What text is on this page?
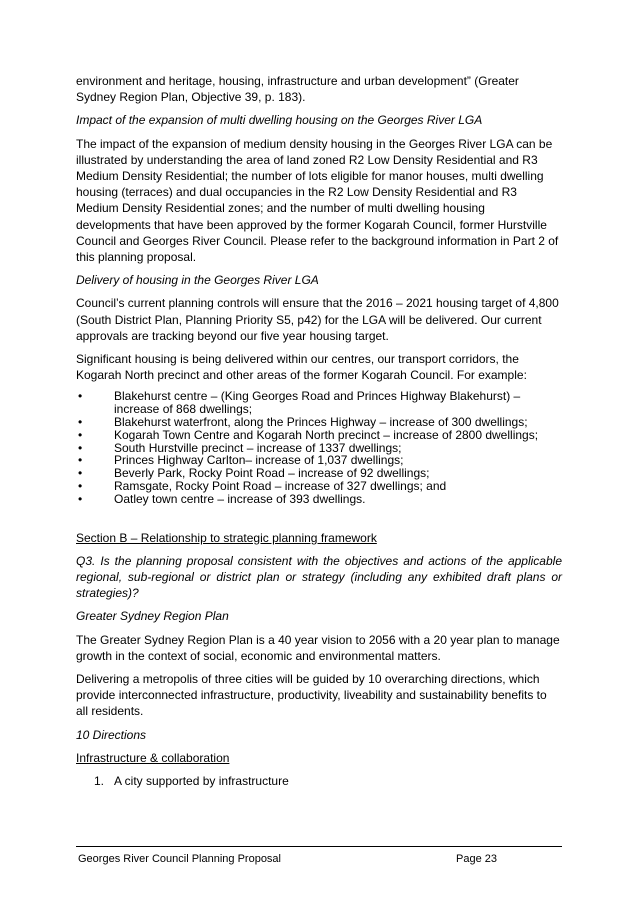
environment and heritage, housing, infrastructure and urban development” (Greater Sydney Region Plan, Objective 39, p. 183).

Impact of the expansion of multi dwelling housing on the Georges River LGA

The impact of the expansion of medium density housing in the Georges River LGA can be illustrated by understanding the area of land zoned R2 Low Density Residential and R3 Medium Density Residential; the number of lots eligible for manor houses, multi dwelling housing (terraces) and dual occupancies in the R2 Low Density Residential and R3 Medium Density Residential zones; and the number of multi dwelling housing developments that have been approved by the former Kogarah Council, former Hurstville Council and Georges River Council. Please refer to the background information in Part 2 of this planning proposal.

Delivery of housing in the Georges River LGA

Council’s current planning controls will ensure that the 2016 – 2021 housing target of 4,800 (South District Plan, Planning Priority S5, p42) for the LGA will be delivered. Our current approvals are tracking beyond our five year housing target.

Significant housing is being delivered within our centres, our transport corridors, the Kogarah North precinct and other areas of the former Kogarah Council. For example:

•	Blakehurst centre – (King Georges Road and Princes Highway Blakehurst) – increase of 868 dwellings;
•	Blakehurst waterfront, along the Princes Highway – increase of 300 dwellings;
•	Kogarah Town Centre and Kogarah North precinct – increase of 2800 dwellings;
•	South Hurstville precinct – increase of 1337 dwellings;
•	Princes Highway Carlton– increase of 1,037 dwellings;
•	Beverly Park, Rocky Point Road – increase of 92 dwellings;
•	Ramsgate, Rocky Point Road – increase of 327 dwellings; and
•	Oatley town centre – increase of 393 dwellings.

Section B – Relationship to strategic planning framework

Q3. Is the planning proposal consistent with the objectives and actions of the applicable regional, sub-regional or district plan or strategy (including any exhibited draft plans or strategies)?

Greater Sydney Region Plan

The Greater Sydney Region Plan is a 40 year vision to 2056 with a 20 year plan to manage growth in the context of social, economic and environmental matters.

Delivering a metropolis of three cities will be guided by 10 overarching directions, which provide interconnected infrastructure, productivity, liveability and sustainability benefits to all residents.

10 Directions

Infrastructure & collaboration

1. A city supported by infrastructure
Georges River Council Planning Proposal	Page 23
